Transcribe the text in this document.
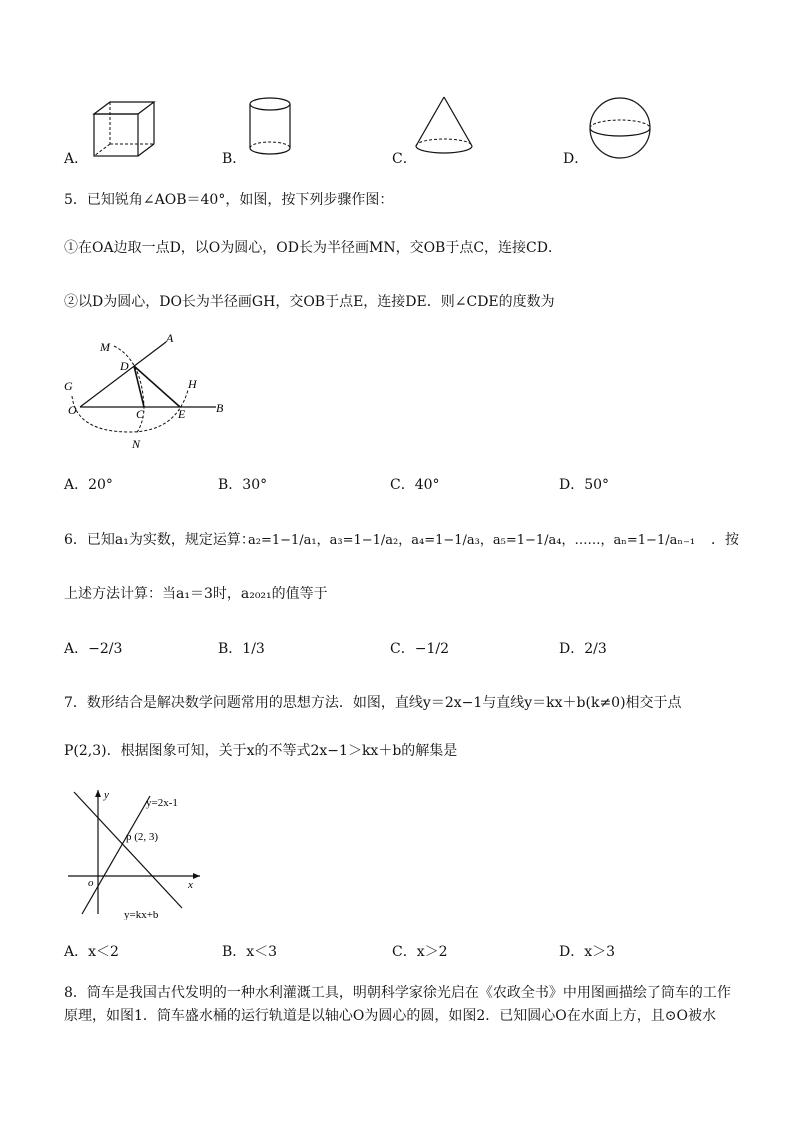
A．	B．	C．	D．
5．已知锐角∠AOB＝40°，如图，按下列步骤作图：
①在OA边取一点D，以O为圆心，OD长为半径画MN，交OB于点C，连接CD．
②以D为圆心，DO长为半径画GH，交OB于点E，连接DE．则∠CDE的度数为
M
A
D
G	H
O	C	E	B
N
A．20°	B．30°	C．40°	D．50°
6．已知a₁为实数，规定运算：
a₂=1−1/a₁，a₃=1−1/a₂，a₄=1−1/a₃，a₅=1−1/a₄，……，aₙ=1−1/aₙ₋₁ ．按
上述方法计算：当a₁＝3时，a₂₀₂₁的值等于
A．−2/3	B．1/3	C．−1/2	D．2/3
7．数形结合是解决数学问题常用的思想方法．如图，直线y＝2x−1与直线y＝kx＋b(k≠0)相交于点
P(2,3)．根据图象可知，关于x的不等式2x−1＞kx＋b的解集是
y
x
o
y=2x-1
p (2, 3)
y=kx+b
A．x＜2	B．x＜3	C．x＞2	D．x＞3
8．筒车是我国古代发明的一种水利灌溉工具，明朝科学家徐光启在《农政全书》中用图画描绘了筒车的工作
原理，如图1．筒车盛水桶的运行轨道是以轴心O为圆心的圆，如图2．已知圆心O在水面上方，且⊙O被水
